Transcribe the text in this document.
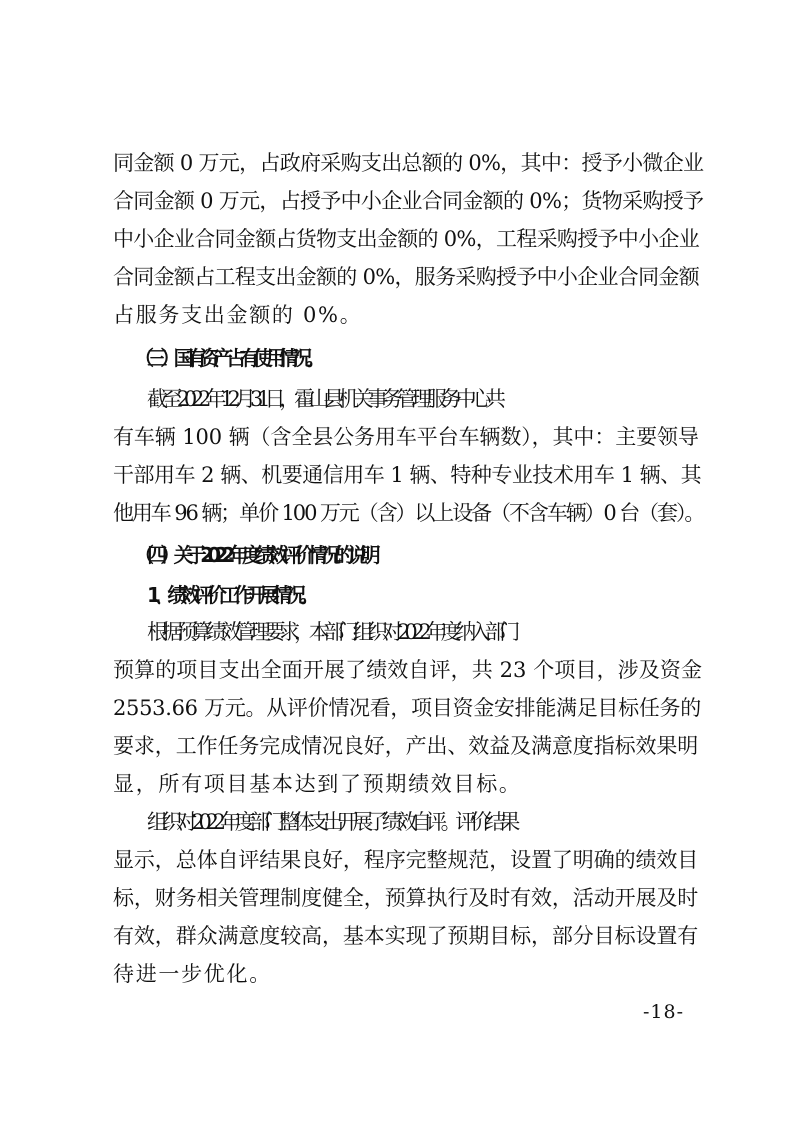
同金额 0 万元，占政府采购支出总额的 0%，其中：授予小微企业
合同金额 0 万元，占授予中小企业合同金额的 0%；货物采购授予
中小企业合同金额占货物支出金额的 0%，工程采购授予中小企业
合同金额占工程支出金额的 0%，服务采购授予中小企业合同金额
占服务支出金额的 0%。
（三）国有资产占有使用情况。
截至 2022 年 12 月 31 日，霍山县机关事务管理服务中心共
有车辆 100 辆（含全县公务用车平台车辆数），其中：主要领导
干部用车 2 辆、机要通信用车 1 辆、特种专业技术用车 1 辆、其
他用车 96 辆；单价 100 万元（含）以上设备（不含车辆）0 台（套）。
（四）关于 2022 年度绩效评价情况的说明
1、绩效评价工作开展情况。
根据预算绩效管理要求，本部门组织对 2022 年度纳入部门
预算的项目支出全面开展了绩效自评，共 23 个项目，涉及资金
2553.66 万元。从评价情况看，项目资金安排能满足目标任务的
要求，工作任务完成情况良好，产出、效益及满意度指标效果明
显，所有项目基本达到了预期绩效目标。
组织对 2022 年度部门整体支出开展了绩效自评。评价结果
显示，总体自评结果良好，程序完整规范，设置了明确的绩效目
标，财务相关管理制度健全，预算执行及时有效，活动开展及时
有效，群众满意度较高，基本实现了预期目标，部分目标设置有
待进一步优化。
-18-
